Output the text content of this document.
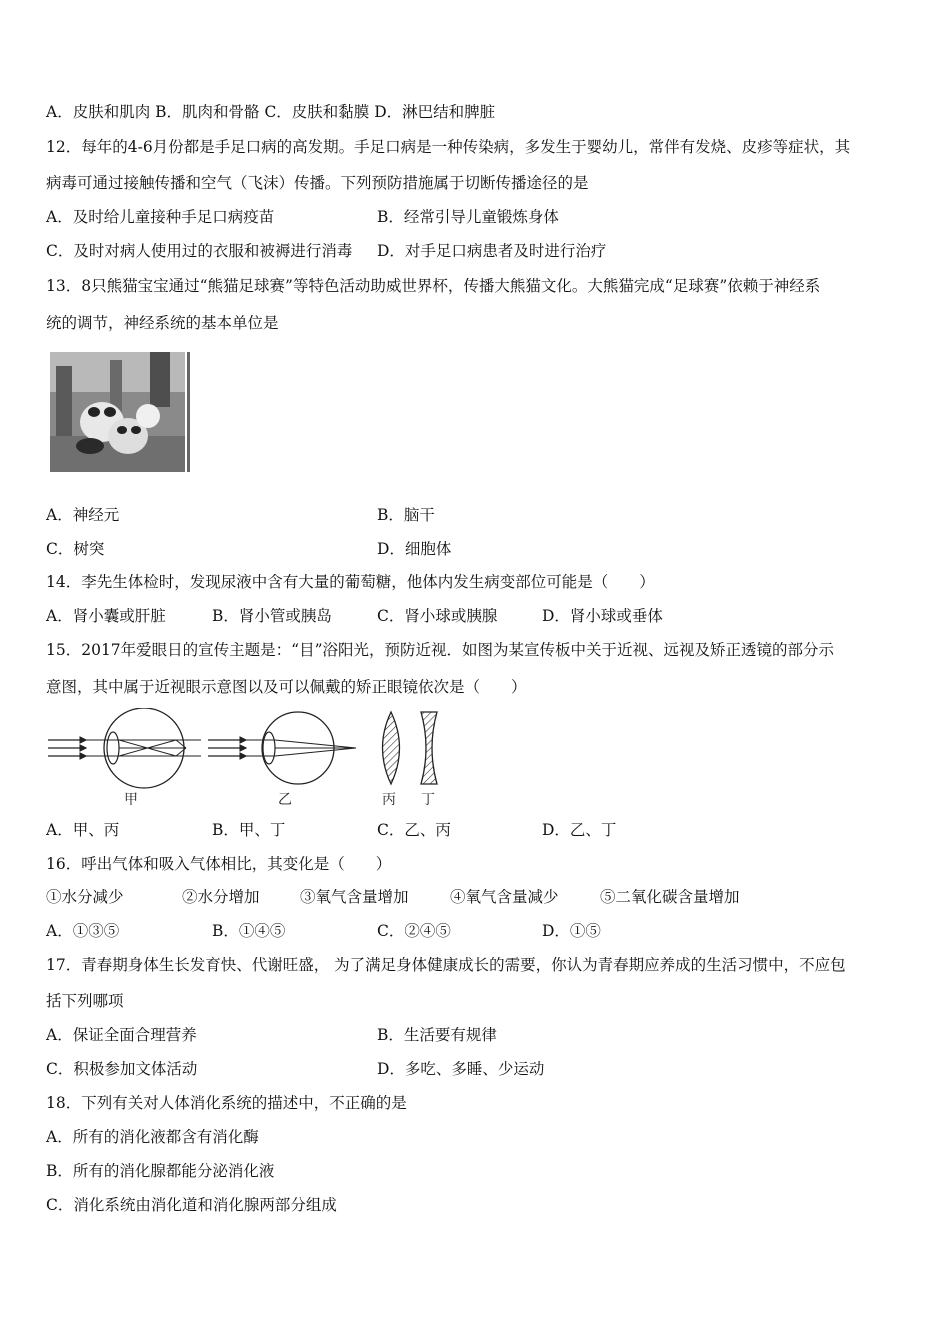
A．皮肤和肌肉 B．肌肉和骨骼 C．皮肤和黏膜 D．淋巴结和脾脏
12．每年的4-6月份都是手足口病的高发期。手足口病是一种传染病，多发生于婴幼儿，常伴有发烧、皮疹等症状，其
病毒可通过接触传播和空气（飞沫）传播。下列预防措施属于切断传播途径的是
A．及时给儿童接种手足口病疫苗	B．经常引导儿童锻炼身体
C．及时对病人使用过的衣服和被褥进行消毒 D．对手足口病患者及时进行治疗
13．8只熊猫宝宝通过“熊猫足球赛”等特色活动助威世界杯，传播大熊猫文化。大熊猫完成“足球赛”依赖于神经系
统的调节，神经系统的基本单位是
A．神经元	B．脑干
C．树突	D．细胞体
14．李先生体检时，发现尿液中含有大量的葡萄糖，他体内发生病变部位可能是（　　）
A．肾小囊或肝脏	B．肾小管或胰岛	C．肾小球或胰腺	D．肾小球或垂体
15．2017年爱眼日的宣传主题是：“目”浴阳光，预防近视．如图为某宣传板中关于近视、远视及矫正透镜的部分示
意图，其中属于近视眼示意图以及可以佩戴的矫正眼镜依次是（　　）
甲	乙	丙 丁
A．甲、丙	B．甲、丁	C．乙、丙	D．乙、丁
16．呼出气体和吸入气体相比，其变化是（　　）
①水分减少	②水分增加	③氧气含量增加	④氧气含量减少	⑤二氧化碳含量增加
A．①③⑤	B．①④⑤	C．②④⑤	D．①⑤
17．青春期身体生长发育快、代谢旺盛， 为了满足身体健康成长的需要，你认为青春期应养成的生活习惯中，不应包
括下列哪项
A．保证全面合理营养	B．生活要有规律
C．积极参加文体活动	D．多吃、多睡、少运动
18．下列有关对人体消化系统的描述中，不正确的是
A．所有的消化液都含有消化酶
B．所有的消化腺都能分泌消化液
C．消化系统由消化道和消化腺两部分组成
